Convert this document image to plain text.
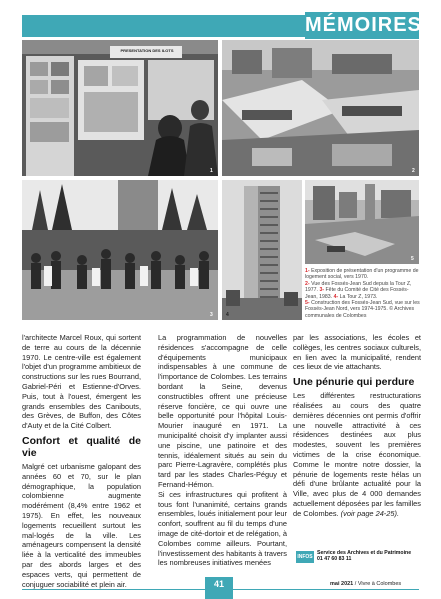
MÉMOIRES
1
PRESENTATION DES ILOTS
2
3	4
5

1- Exposition de présentation d'un programme de logement social, vers 1970.

2- Vue des Fossés-Jean Sud depuis la Tour Z, 1977. 3- Fête du Comité de Cité des Fossés-Jean, 1983. 4- La Tour Z, 1973.

5- Construction des Fossés-Jean Sud, vue sur les Fossés-Jean Nord, vers 1974-1975. © Archives communales de Colombes

l'architecte Marcel Roux, qui sortent de terre au cours de la décennie 1970. Le centre-ville est également l'objet d'un programme ambitieux de constructions sur les rues Bourrand, Gabriel-Péri et Estienne-d'Orves. Puis, tout à l'ouest, émergent les grands ensembles des Canibouts, des Grèves, de Buffon, des Côtes d'Auty et de la Cité Colbert.

Confort et qualité de vie

Malgré cet urbanisme galopant des années 60 et 70, sur le plan démographique, la population colombienne augmente modérément (8,4% entre 1962 et 1975). En effet, les nouveaux logements recueillent surtout les mal-logés de la ville. Les aménageurs compensent la densité liée à la verticalité des immeubles par des abords larges et des espaces verts, qui permettent de conjuguer sociabilité et plein air.

La programmation de nouvelles résidences s'accompagne de celle d'équipements municipaux indispensables à une commune de l'importance de Colombes. Les terrains bordant la Seine, devenus constructibles offrent une précieuse réserve foncière, ce qui ouvre une belle opportunité pour l'hôpital Louis-Mourier inauguré en 1971. La municipalité choisit d'y implanter aussi une piscine, une patinoire et des tennis, idéalement situés au sein du parc Pierre-Lagravère, complétés plus tard par les stades Charles-Péguy et Fernand-Hémon.

Si ces infrastructures qui profitent à tous font l'unanimité, certains grands ensembles, loués initialement pour leur confort, souffrent au fil du temps d'une image de cité-dortoir et de relégation, à Colombes comme ailleurs. Pourtant, l'investissement des habitants à travers les nombreuses initiatives menées

par les associations, les écoles et collèges, les centres sociaux culturels, en lien avec la municipalité, rendent ces lieux de vie attachants.

Une pénurie qui perdure

Les différentes restructurations réalisées au cours des quatre dernières décennies ont permis d'offrir une nouvelle attractivité à ces résidences destinées aux plus modestes, souvent les premières victimes de la crise économique. Comme le montre notre dossier, la pénurie de logements reste hélas un défi d'une brûlante actualité pour la Ville, avec plus de 4 000 demandes actuellement déposées par les familles de Colombes. (voir page 24-25).

INFOS
Service des Archives et du Patrimoine
01 47 60 83 11
41	mai 2021 / Vivre à Colombes
